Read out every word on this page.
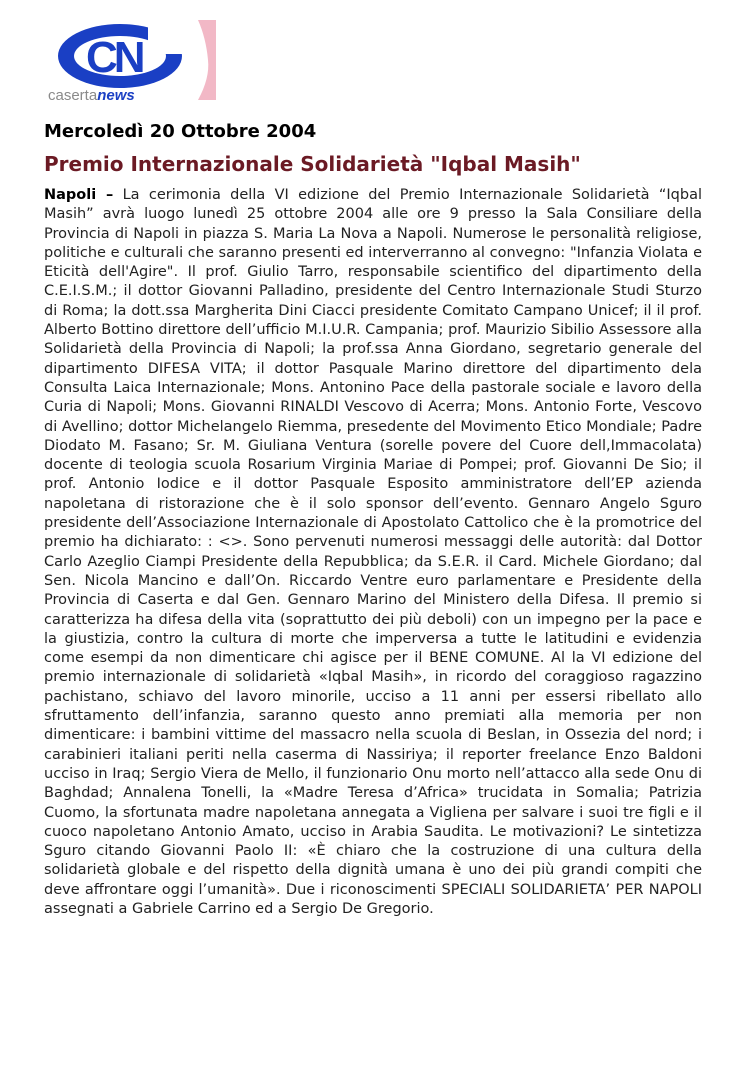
CN
casertanews
Mercoledì 20 Ottobre 2004
Premio Internazionale Solidarietà "Iqbal Masih"
Napoli – La cerimonia della VI edizione del Premio Internazionale Solidarietà “Iqbal Masih” avrà luogo lunedì 25 ottobre 2004 alle ore 9 presso la Sala Consiliare della Provincia di Napoli in piazza S. Maria La Nova a Napoli. Numerose le personalità religiose, politiche e culturali che saranno presenti ed interverranno al convegno: "Infanzia Violata e Eticità dell'Agire". Il prof. Giulio Tarro, responsabile scientifico del dipartimento della C.E.I.S.M.; il dottor Giovanni Palladino, presidente del Centro Internazionale Studi Sturzo di Roma; la dott.ssa Margherita Dini Ciacci presidente Comitato Campano Unicef; il il prof. Alberto Bottino direttore dell’ufficio M.I.U.R. Campania; prof. Maurizio Sibilio Assessore alla Solidarietà della Provincia di Napoli; la prof.ssa Anna Giordano, segretario generale del dipartimento DIFESA VITA; il dottor Pasquale Marino direttore del dipartimento dela Consulta Laica Internazionale; Mons. Antonino Pace della pastorale sociale e lavoro della Curia di Napoli; Mons. Giovanni RINALDI Vescovo di Acerra; Mons. Antonio Forte, Vescovo di Avellino; dottor Michelangelo Riemma, presedente del Movimento Etico Mondiale; Padre Diodato M. Fasano; Sr. M. Giuliana Ventura (sorelle povere del Cuore dell,Immacolata) docente di teologia scuola Rosarium Virginia Mariae di Pompei; prof. Giovanni De Sio; il prof. Antonio Iodice e il dottor Pasquale Esposito amministratore dell’EP azienda napoletana di ristorazione che è il solo sponsor dell’evento. Gennaro Angelo Sguro presidente dell’Associazione Internazionale di Apostolato Cattolico che è la promotrice del premio ha dichiarato: : <>. Sono pervenuti numerosi messaggi delle autorità: dal Dottor Carlo Azeglio Ciampi Presidente della Repubblica; da S.E.R. il Card. Michele Giordano; dal Sen. Nicola Mancino e dall’On. Riccardo Ventre euro parlamentare e Presidente della Provincia di Caserta e dal Gen. Gennaro Marino del Ministero della Difesa. Il premio si caratterizza ha difesa della vita (soprattutto dei più deboli) con un impegno per la pace e la giustizia, contro la cultura di morte che imperversa a tutte le latitudini e evidenzia come esempi da non dimenticare chi agisce per il BENE COMUNE. Al la VI edizione del premio internazionale di solidarietà «Iqbal Masih», in ricordo del coraggioso ragazzino pachistano, schiavo del lavoro minorile, ucciso a 11 anni per essersi ribellato allo sfruttamento dell’infanzia, saranno questo anno premiati alla memoria per non dimenticare: i bambini vittime del massacro nella scuola di Beslan, in Ossezia del nord; i carabinieri italiani periti nella caserma di Nassiriya; il reporter freelance Enzo Baldoni ucciso in Iraq; Sergio Viera de Mello, il funzionario Onu morto nell’attacco alla sede Onu di Baghdad; Annalena Tonelli, la «Madre Teresa d’Africa» trucidata in Somalia; Patrizia Cuomo, la sfortunata madre napoletana annegata a Vigliena per salvare i suoi tre figli e il cuoco napoletano Antonio Amato, ucciso in Arabia Saudita. Le motivazioni? Le sintetizza Sguro citando Giovanni Paolo II: «È chiaro che la costruzione di una cultura della solidarietà globale e del rispetto della dignità umana è uno dei più grandi compiti che deve affrontare oggi l’umanità». Due i riconoscimenti SPECIALI SOLIDARIETA’ PER NAPOLI assegnati a Gabriele Carrino ed a Sergio De Gregorio.
